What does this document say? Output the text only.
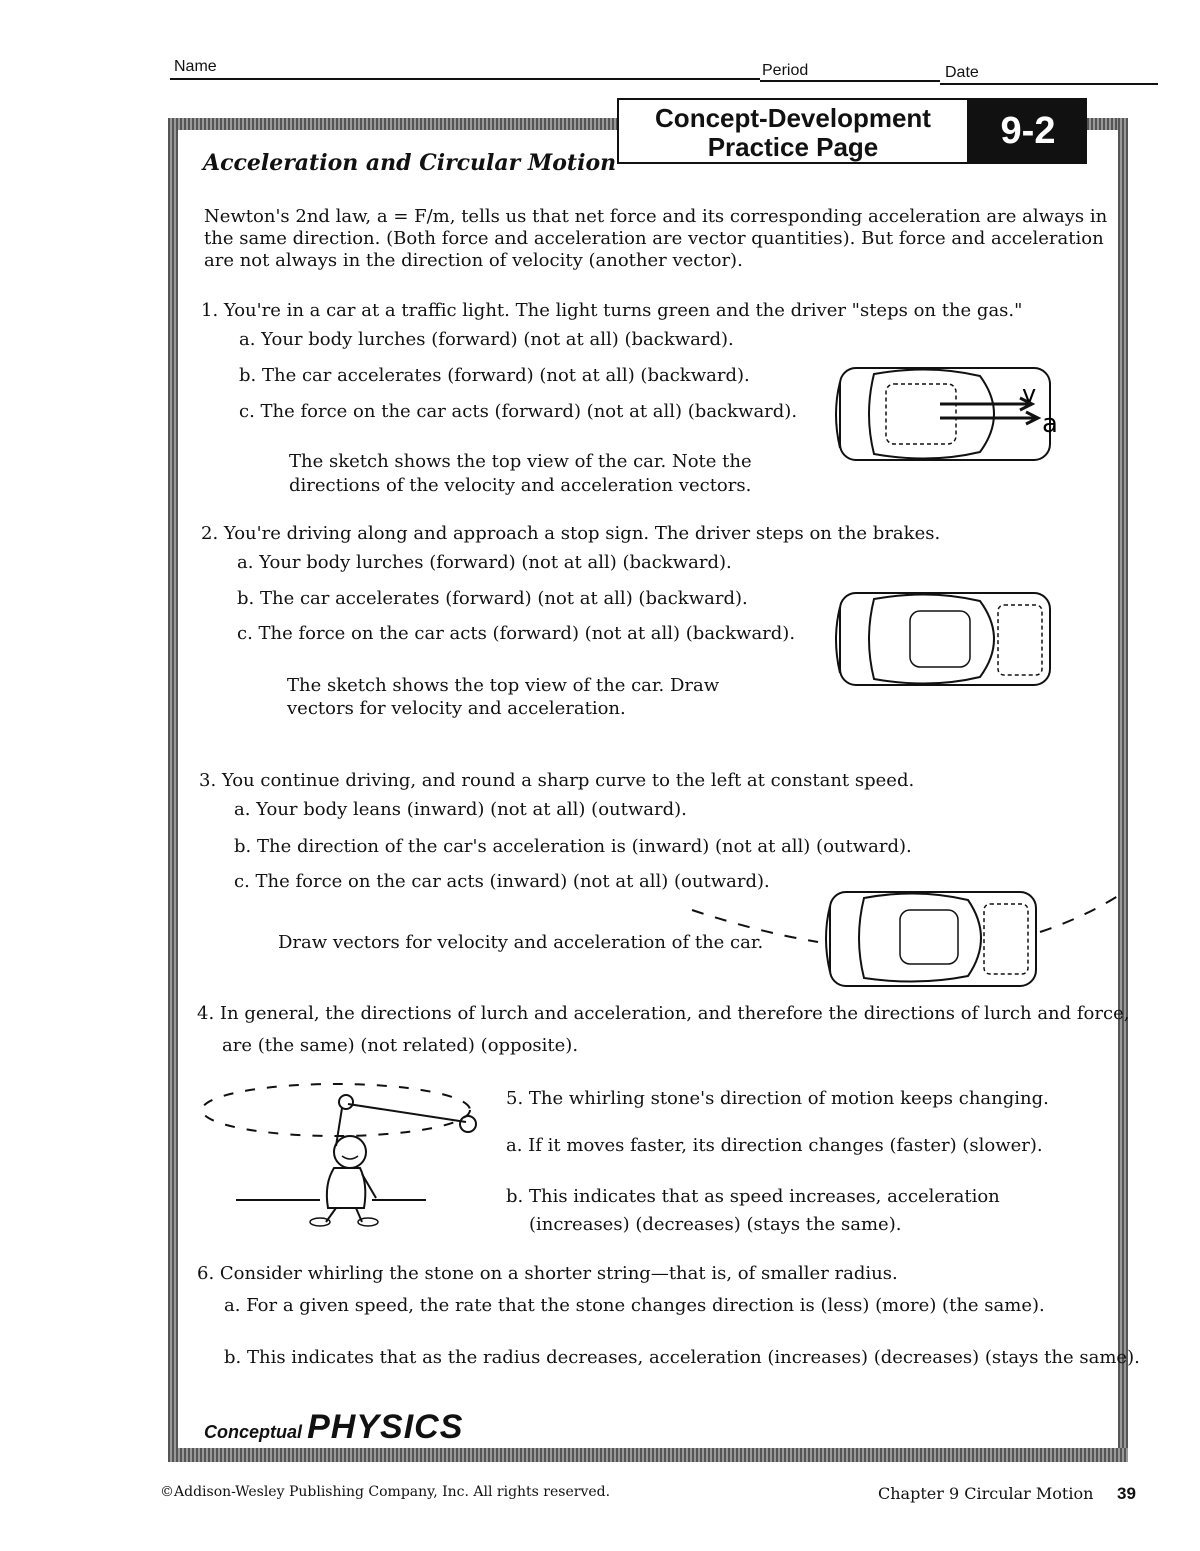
Name	Period	Date
Concept-Development
Practice Page	9-2
Acceleration and Circular Motion
Newton's 2nd law, a = F/m, tells us that net force and its corresponding acceleration are always in the same direction. (Both force and acceleration are vector quantities). But force and acceleration are not always in the direction of velocity (another vector).
1. You're in a car at a traffic light. The light turns green and the driver "steps on the gas."
a. Your body lurches (forward) (not at all) (backward).
b. The car accelerates (forward) (not at all) (backward).
c. The force on the car acts (forward) (not at all) (backward).
The sketch shows the top view of the car. Note the
directions of the velocity and acceleration vectors.
v
a
2. You're driving along and approach a stop sign. The driver steps on the brakes.
a. Your body lurches (forward) (not at all) (backward).
b. The car accelerates (forward) (not at all) (backward).
c. The force on the car acts (forward) (not at all) (backward).
The sketch shows the top view of the car. Draw
vectors for velocity and acceleration.
3. You continue driving, and round a sharp curve to the left at constant speed.
a. Your body leans (inward) (not at all) (outward).
b. The direction of the car's acceleration is (inward) (not at all) (outward).
c. The force on the car acts (inward) (not at all) (outward).
Draw vectors for velocity and acceleration of the car.
4. In general, the directions of lurch and acceleration, and therefore the directions of lurch and force,
are (the same) (not related) (opposite).
5. The whirling stone's direction of motion keeps changing.
a. If it moves faster, its direction changes (faster) (slower).
b. This indicates that as speed increases, acceleration
(increases) (decreases) (stays the same).
6. Consider whirling the stone on a shorter string—that is, of smaller radius.
a. For a given speed, the rate that the stone changes direction is (less) (more) (the same).
b. This indicates that as the radius decreases, acceleration (increases) (decreases) (stays the same).
Conceptual PHYSICS
©Addison-Wesley Publishing Company, Inc. All rights reserved.	Chapter 9 Circular Motion 39
